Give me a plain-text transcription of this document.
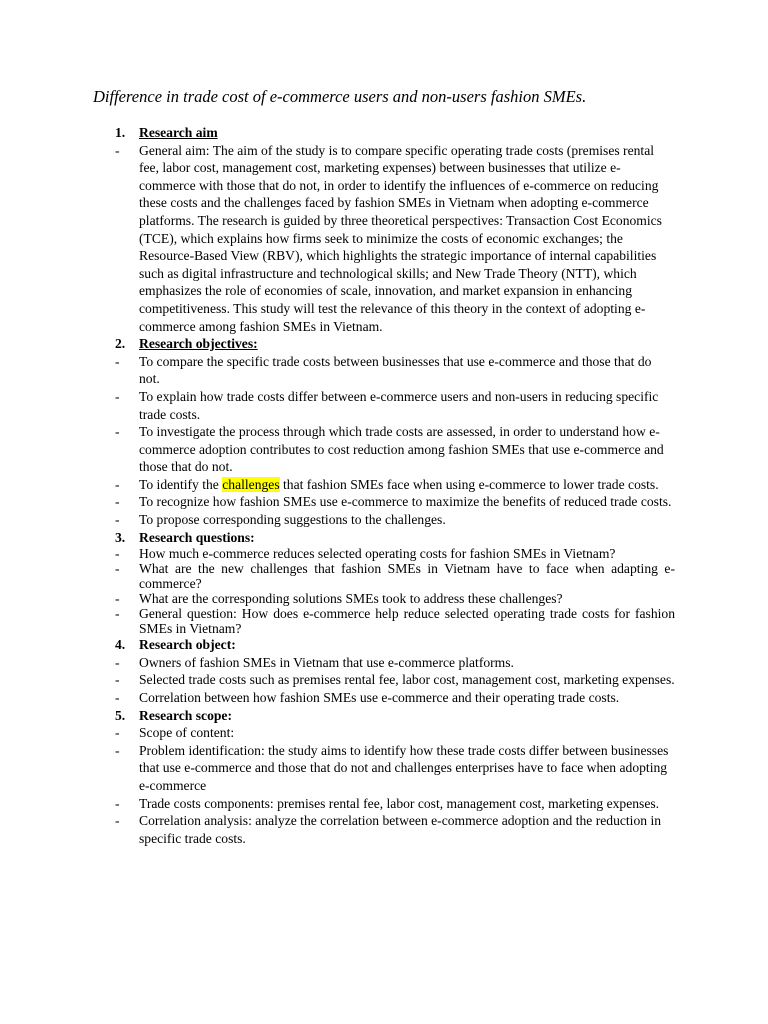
Difference in trade cost of e-commerce users and non-users fashion SMEs.
1. Research aim
- General aim: The aim of the study is to compare specific operating trade costs (premises rental fee, labor cost, management cost, marketing expenses) between businesses that utilize e-commerce with those that do not, in order to identify the influences of e-commerce on reducing these costs and the challenges faced by fashion SMEs in Vietnam when adopting e-commerce platforms. The research is guided by three theoretical perspectives: Transaction Cost Economics (TCE), which explains how firms seek to minimize the costs of economic exchanges; the Resource-Based View (RBV), which highlights the strategic importance of internal capabilities such as digital infrastructure and technological skills; and New Trade Theory (NTT), which emphasizes the role of economies of scale, innovation, and market expansion in enhancing competitiveness. This study will test the relevance of this theory in the context of adopting e-commerce among fashion SMEs in Vietnam.
2. Research objectives:
- To compare the specific trade costs between businesses that use e-commerce and those that do not.
- To explain how trade costs differ between e-commerce users and non-users in reducing specific trade costs.
- To investigate the process through which trade costs are assessed, in order to understand how e-commerce adoption contributes to cost reduction among fashion SMEs that use e-commerce and those that do not.
- To identify the challenges that fashion SMEs face when using e-commerce to lower trade costs.
- To recognize how fashion SMEs use e-commerce to maximize the benefits of reduced trade costs.
- To propose corresponding suggestions to the challenges.
3. Research questions:
- How much e-commerce reduces selected operating costs for fashion SMEs in Vietnam?
- What are the new challenges that fashion SMEs in Vietnam have to face when adapting e-commerce?
- What are the corresponding solutions SMEs took to address these challenges?
- General question: How does e-commerce help reduce selected operating trade costs for fashion SMEs in Vietnam?
4. Research object:
- Owners of fashion SMEs in Vietnam that use e-commerce platforms.
- Selected trade costs such as premises rental fee, labor cost, management cost, marketing expenses.
- Correlation between how fashion SMEs use e-commerce and their operating trade costs.
5. Research scope:
- Scope of content:
- Problem identification: the study aims to identify how these trade costs differ between businesses that use e-commerce and those that do not and challenges enterprises have to face when adopting e-commerce
- Trade costs components: premises rental fee, labor cost, management cost, marketing expenses.
- Correlation analysis: analyze the correlation between e-commerce adoption and the reduction in specific trade costs.
